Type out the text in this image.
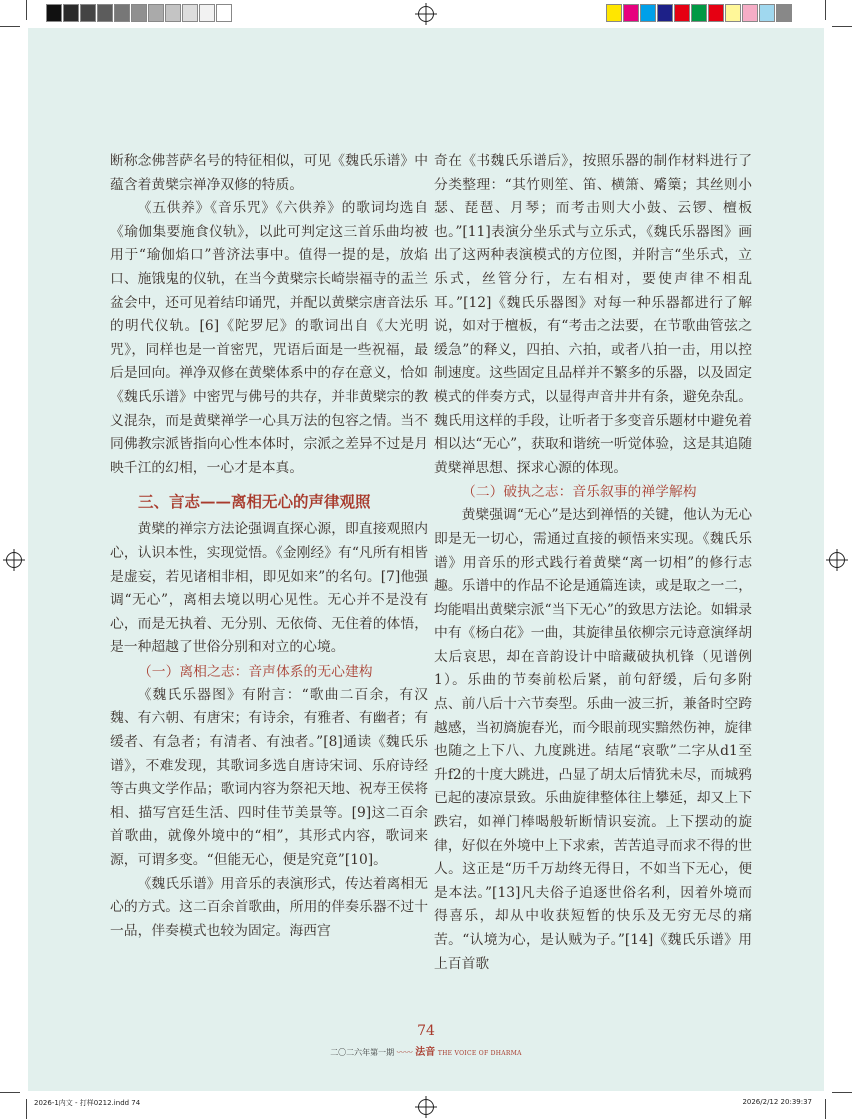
断称念佛菩萨名号的特征相似，可见《魏氏乐谱》中蕴含着黄檗宗禅净双修的特质。

《五供养》《音乐咒》《六供养》的歌词均选自《瑜伽集要施食仪轨》，以此可判定这三首乐曲均被用于“瑜伽焰口”普济法事中。值得一提的是，放焰口、施饿鬼的仪轨，在当今黄檗宗长崎崇福寺的盂兰盆会中，还可见着结印诵咒，并配以黄檗宗唐音法乐的明代仪轨。[6]《陀罗尼》的歌词出自《大光明咒》，同样也是一首密咒，咒语后面是一些祝福，最后是回向。禅净双修在黄檗体系中的存在意义，恰如《魏氏乐谱》中密咒与佛号的共存，并非黄檗宗的教义混杂，而是黄檗禅学一心具万法的包容之情。当不同佛教宗派皆指向心性本体时，宗派之差异不过是月映千江的幻相，一心才是本真。

三、言志——离相无心的声律观照

黄檗的禅宗方法论强调直探心源，即直接观照内心，认识本性，实现觉悟。《金刚经》有“凡所有相皆是虚妄，若见诸相非相，即见如来”的名句。[7]他强调“无心”，离相去境以明心见性。无心并不是没有心，而是无执着、无分别、无依倚、无住着的体悟，是一种超越了世俗分别和对立的心境。

（一）离相之志：音声体系的无心建构

《魏氏乐器图》有附言：“歌曲二百余，有汉魏、有六朝、有唐宋；有诗余，有雅者、有幽者；有缓者、有急者；有清者、有浊者。”[8]通读《魏氏乐谱》，不难发现，其歌词多选自唐诗宋词、乐府诗经等古典文学作品；歌词内容为祭祀天地、祝寿王侯将相、描写宫廷生活、四时佳节美景等。[9]这二百余首歌曲，就像外境中的“相”，其形式内容，歌词来源，可谓多变。“但能无心，便是究竟”[10]。

《魏氏乐谱》用音乐的表演形式，传达着离相无心的方式。这二百余首歌曲，所用的伴奏乐器不过十一品，伴奏模式也较为固定。海西宫

奇在《书魏氏乐谱后》，按照乐器的制作材料进行了分类整理：“其竹则笙、笛、横箫、觱篥；其丝则小瑟、琵琶、月琴；而考击则大小鼓、云锣、檀板也。”[11]表演分坐乐式与立乐式，《魏氏乐器图》画出了这两种表演模式的方位图，并附言“坐乐式，立乐式，丝管分行，左右相对，要使声律不相乱耳。”[12]《魏氏乐器图》对每一种乐器都进行了解说，如对于檀板，有“考击之法要，在节歌曲管弦之缓急”的释义，四拍、六拍，或者八拍一击，用以控制速度。这些固定且品样并不繁多的乐器，以及固定模式的伴奏方式，以显得声音井井有条，避免杂乱。魏氏用这样的手段，让听者于多变音乐题材中避免着相以达“无心”，获取和谐统一听觉体验，这是其追随黄檗禅思想、探求心源的体现。

（二）破执之志：音乐叙事的禅学解构

黄檗强调“无心”是达到禅悟的关键，他认为无心即是无一切心，需通过直接的顿悟来实现。《魏氏乐谱》用音乐的形式践行着黄檗“离一切相”的修行志趣。乐谱中的作品不论是通篇连读，或是取之一二，均能唱出黄檗宗派“当下无心”的致思方法论。如辑录中有《杨白花》一曲，其旋律虽依柳宗元诗意演绎胡太后哀思，却在音韵设计中暗藏破执机锋（见谱例1）。乐曲的节奏前松后紧，前句舒缓，后句多附点、前八后十六节奏型。乐曲一波三折，兼备时空跨越感，当初旖旎春光，而今眼前现实黯然伤神，旋律也随之上下八、九度跳进。结尾“哀歌”二字从d1至升f2的十度大跳进，凸显了胡太后情犹未尽，而城鸦已起的凄凉景致。乐曲旋律整体往上攀延，却又上下跌宕，如禅门棒喝般斩断情识妄流。上下摆动的旋律，好似在外境中上下求索，苦苦追寻而求不得的世人。这正是“历千万劫终无得日，不如当下无心，便是本法。”[13]凡夫俗子追逐世俗名利，因着外境而得喜乐，却从中收获短暂的快乐及无穷无尽的痛苦。“认境为心，是认贼为子。”[14]《魏氏乐谱》用上百首歌

74
二〇二六年第一期 〰〰 法音 THE VOICE OF DHARMA
2026-1内文 - 打样0212.indd 74	2026/2/12 20:39:37
